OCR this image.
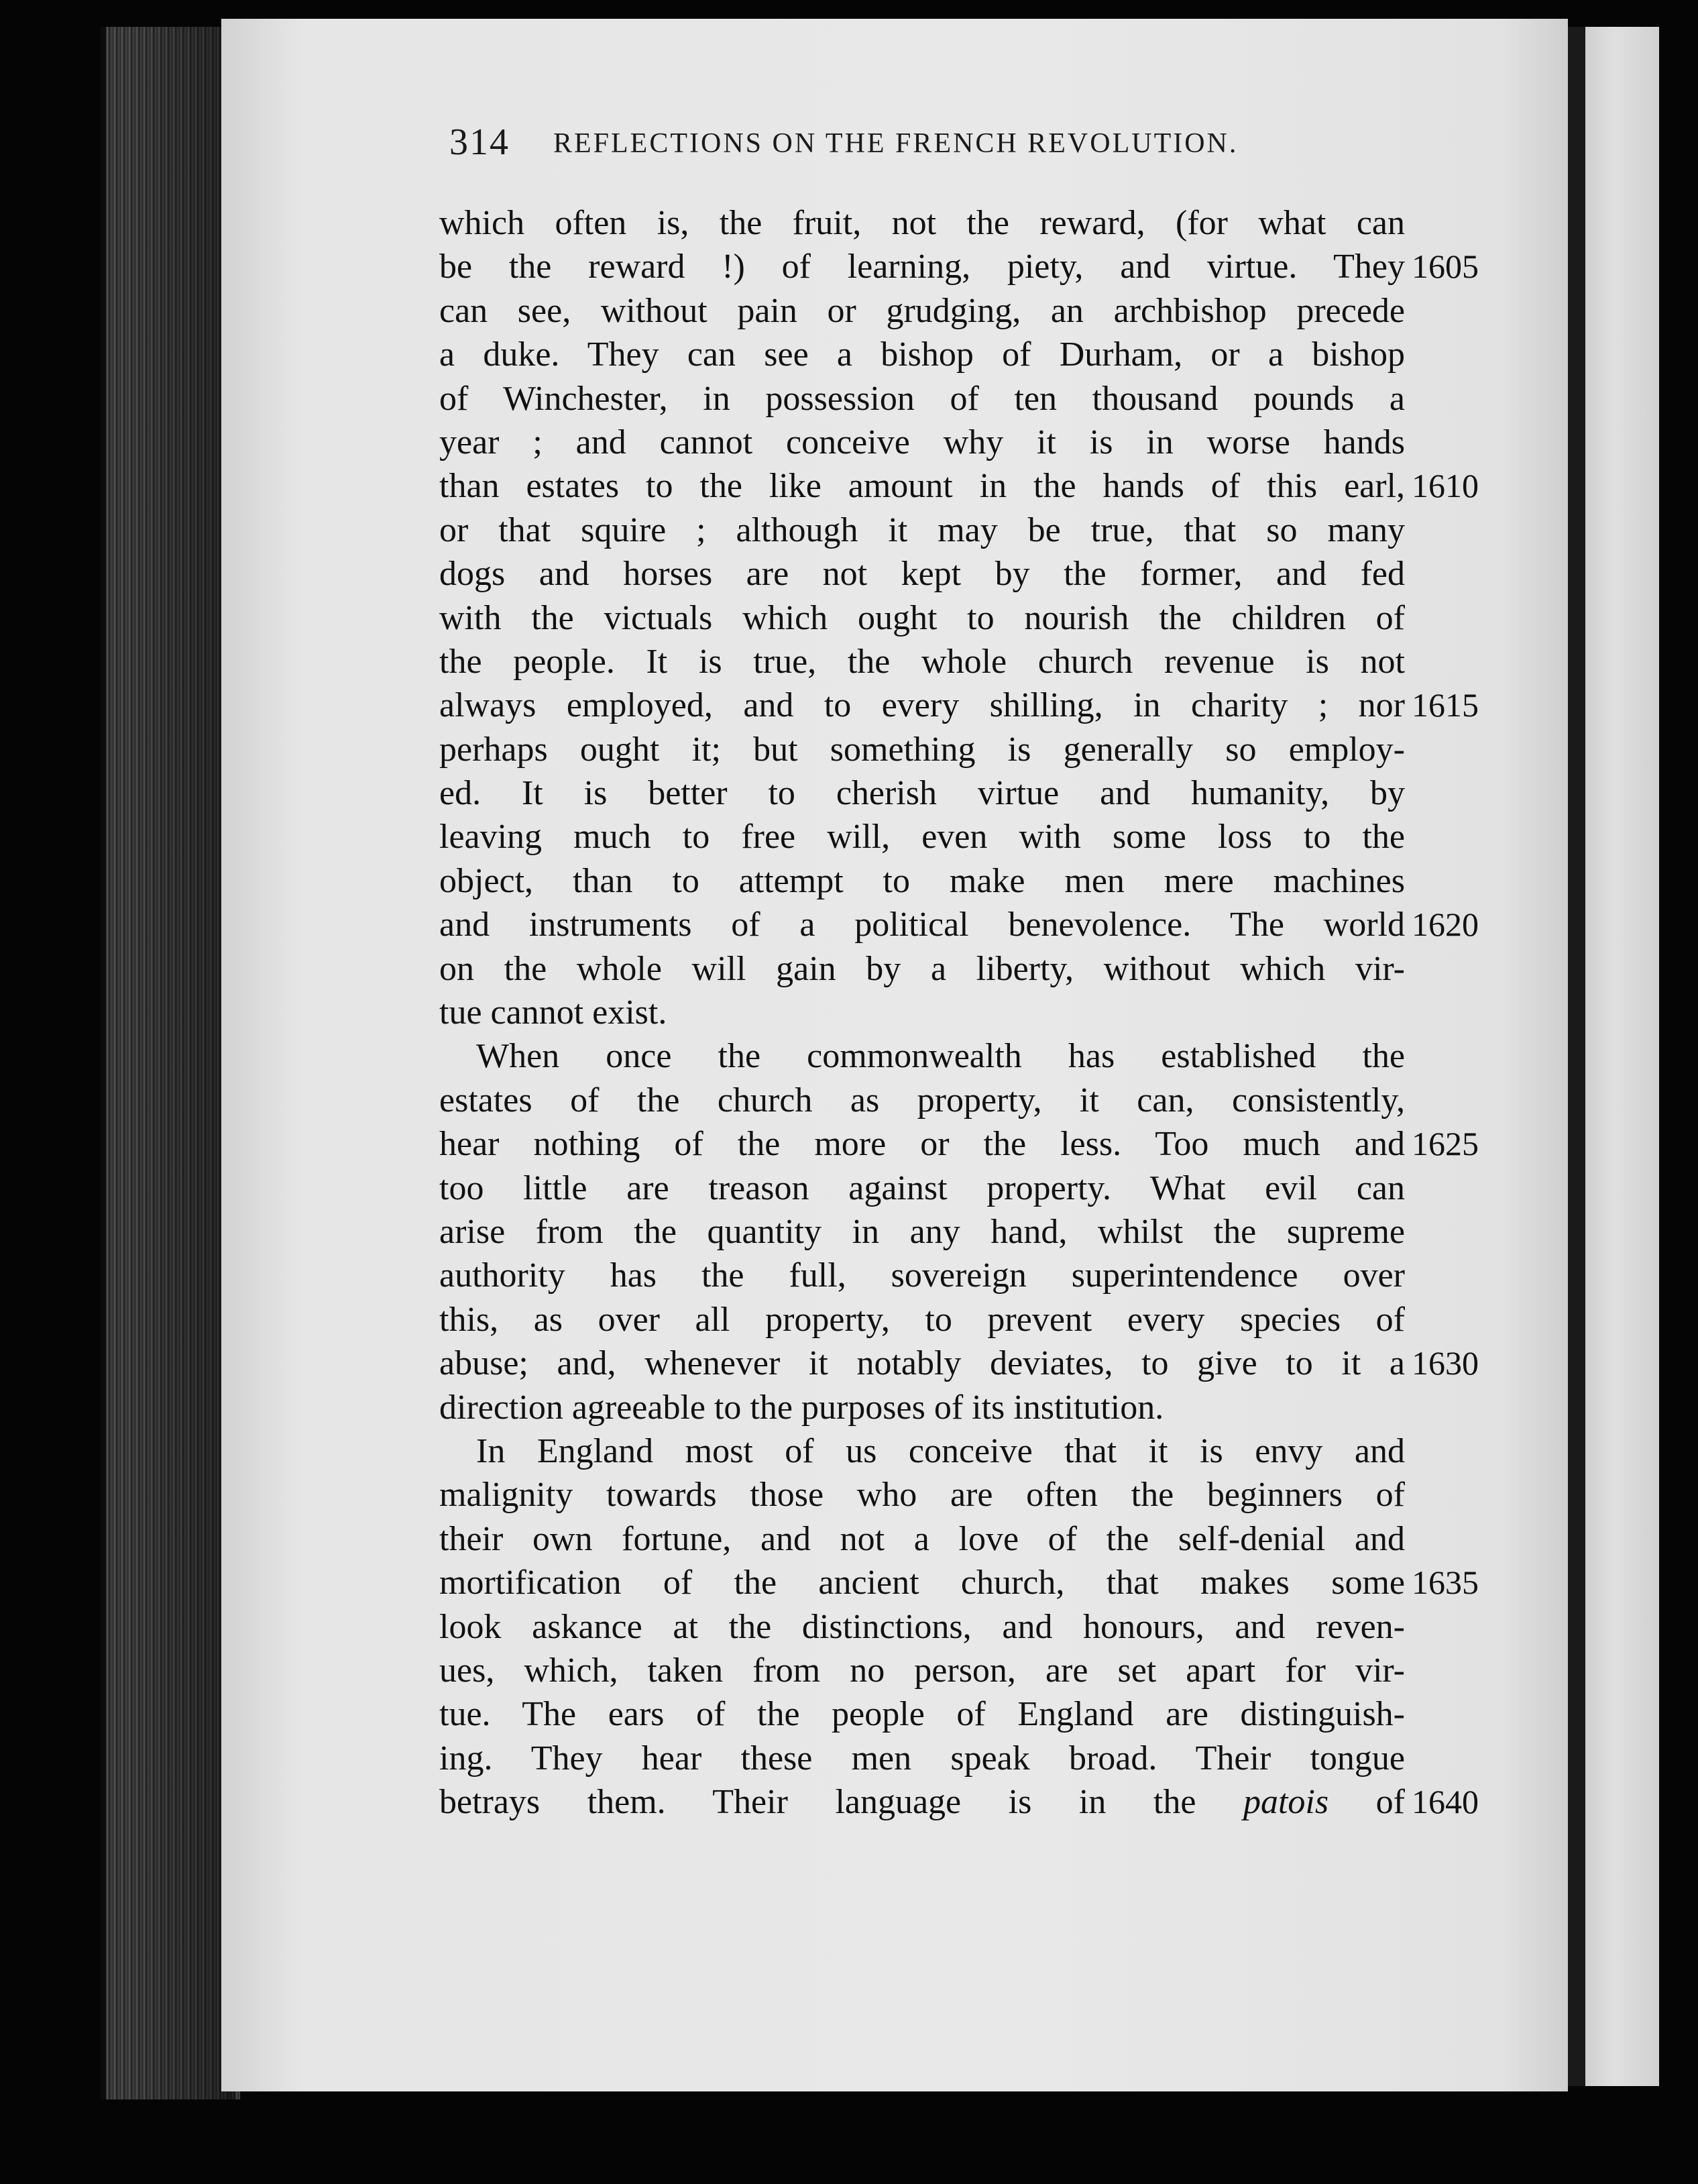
314 REFLECTIONS ON THE FRENCH REVOLUTION.
which often is, the fruit, not the reward, (for what can
be the reward !) of learning, piety, and virtue. They 1605
can see, without pain or grudging, an archbishop precede
a duke. They can see a bishop of Durham, or a bishop
of Winchester, in possession of ten thousand pounds a
year ; and cannot conceive why it is in worse hands
than estates to the like amount in the hands of this earl, 1610
or that squire ; although it may be true, that so many
dogs and horses are not kept by the former, and fed
with the victuals which ought to nourish the children of
the people. It is true, the whole church revenue is not
always employed, and to every shilling, in charity ; nor 1615
perhaps ought it; but something is generally so employ-
ed. It is better to cherish virtue and humanity, by
leaving much to free will, even with some loss to the
object, than to attempt to make men mere machines
and instruments of a political benevolence. The world 1620
on the whole will gain by a liberty, without which vir-
tue cannot exist.
When once the commonwealth has established the
estates of the church as property, it can, consistently,
hear nothing of the more or the less. Too much and 1625
too little are treason against property. What evil can
arise from the quantity in any hand, whilst the supreme
authority has the full, sovereign superintendence over
this, as over all property, to prevent every species of
abuse; and, whenever it notably deviates, to give to it a 1630
direction agreeable to the purposes of its institution.
In England most of us conceive that it is envy and
malignity towards those who are often the beginners of
their own fortune, and not a love of the self-denial and
mortification of the ancient church, that makes some 1635
look askance at the distinctions, and honours, and reven-
ues, which, taken from no person, are set apart for vir-
tue. The ears of the people of England are distinguish-
ing. They hear these men speak broad. Their tongue
betrays them. Their language is in the patois of 1640
